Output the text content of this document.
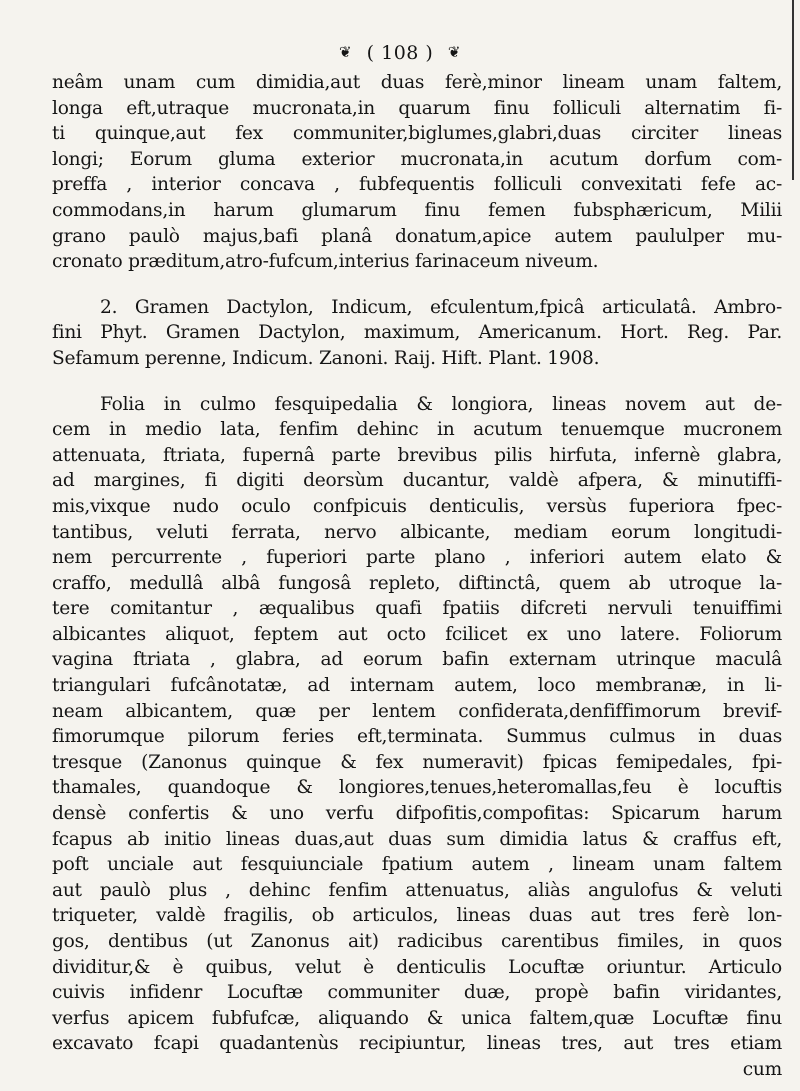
❦ ( 108 ) ❦
neâm unam cum dimidia,aut duas ferè,minor lineam unam faltem,
longa eft,utraque mucronata,in quarum finu folliculi alternatim fi-
ti quinque,aut fex communiter,biglumes,glabri,duas circiter lineas
longi; Eorum gluma exterior mucronata,in acutum dorfum com-
preffa , interior concava , fubfequentis folliculi convexitati fefe ac-
commodans,in harum glumarum finu femen fubsphæricum, Milii
grano paulò majus,bafi planâ donatum,apice autem paululper mu-
cronato præditum,atro-fufcum,interius farinaceum niveum.
2. Gramen Dactylon, Indicum, efculentum,fpicâ articulatâ. Ambro-
fini Phyt. Gramen Dactylon, maximum, Americanum. Hort. Reg. Par.
Sefamum perenne, Indicum. Zanoni. Raij. Hift. Plant. 1908.
Folia in culmo fesquipedalia & longiora, lineas novem aut de-
cem in medio lata, fenfim dehinc in acutum tenuemque mucronem
attenuata, ftriata, fupernâ parte brevibus pilis hirfuta, infernè glabra,
ad margines, fi digiti deorsùm ducantur, valdè afpera, & minutiffi-
mis,vixque nudo oculo confpicuis denticulis, versùs fuperiora fpec-
tantibus, veluti ferrata, nervo albicante, mediam eorum longitudi-
nem percurrente , fuperiori parte plano , inferiori autem elato &
craffo, medullâ albâ fungosâ repleto, diftinctâ, quem ab utroque la-
tere comitantur , æqualibus quafi fpatiis difcreti nervuli tenuiffimi
albicantes aliquot, feptem aut octo fcilicet ex uno latere. Foliorum
vagina ftriata , glabra, ad eorum bafin externam utrinque maculâ
triangulari fufcânotatæ, ad internam autem, loco membranæ, in li-
neam albicantem, quæ per lentem confiderata,denfiffimorum brevif-
fimorumque pilorum feries eft,terminata. Summus culmus in duas
tresque (Zanonus quinque & fex numeravit) fpicas femipedales, fpi-
thamales, quandoque & longiores,tenues,heteromallas,feu è locuftis
densè confertis & uno verfu difpofitis,compofitas: Spicarum harum
fcapus ab initio lineas duas,aut duas sum dimidia latus & craffus eft,
poft unciale aut fesquiunciale fpatium autem , lineam unam faltem
aut paulò plus , dehinc fenfim attenuatus, aliàs angulofus & veluti
triqueter, valdè fragilis, ob articulos, lineas duas aut tres ferè lon-
gos, dentibus (ut Zanonus ait) radicibus carentibus fimiles, in quos
dividitur,& è quibus, velut è denticulis Locuftæ oriuntur. Articulo
cuivis infidenr Locuftæ communiter duæ, propè bafin viridantes,
verfus apicem fubfufcæ, aliquando & unica faltem,quæ Locuftæ finu
excavato fcapi quadantenùs recipiuntur, lineas tres, aut tres etiam
cum
